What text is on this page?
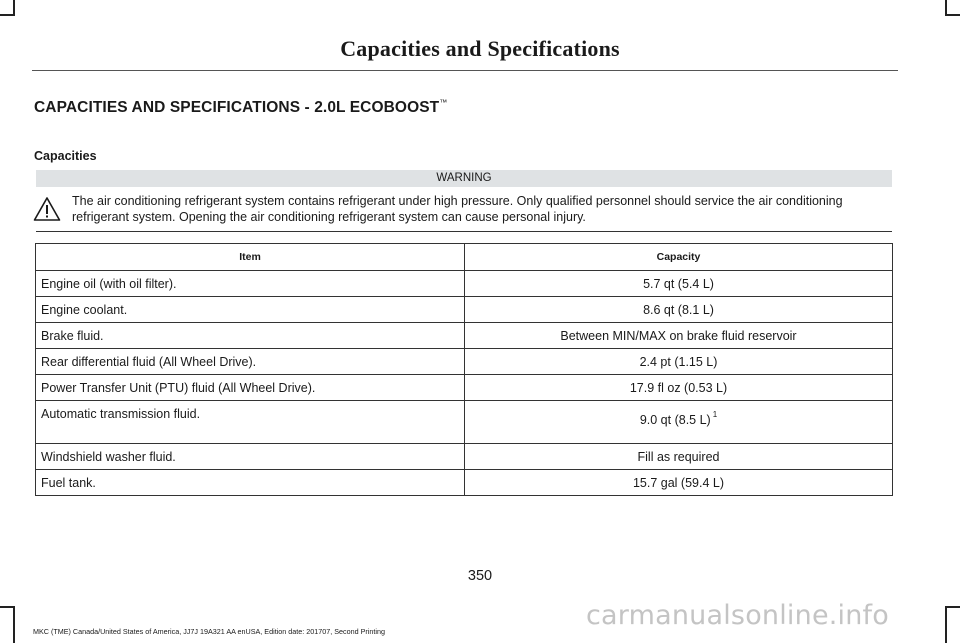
Capacities and Specifications
CAPACITIES AND SPECIFICATIONS - 2.0L ECOBOOST™
Capacities
WARNING
The air conditioning refrigerant system contains refrigerant under high pressure. Only qualified personnel should service the air conditioning refrigerant system. Opening the air conditioning refrigerant system can cause personal injury.
Item	Capacity
Engine oil (with oil filter).	5.7 qt (5.4 L)
Engine coolant.	8.6 qt (8.1 L)
Brake fluid.	Between MIN/MAX on brake fluid reservoir
Rear differential fluid (All Wheel Drive).	2.4 pt (1.15 L)
Power Transfer Unit (PTU) fluid (All Wheel Drive).	17.9 fl oz (0.53 L)
Automatic transmission fluid.	9.0 qt (8.5 L) $^1$
Windshield washer fluid.	Fill as required
Fuel tank.	15.7 gal (59.4 L)
350
MKC (TME) Canada/United States of America, JJ7J 19A321 AA enUSA, Edition date: 201707, Second Printing
carmanualsonline.info
